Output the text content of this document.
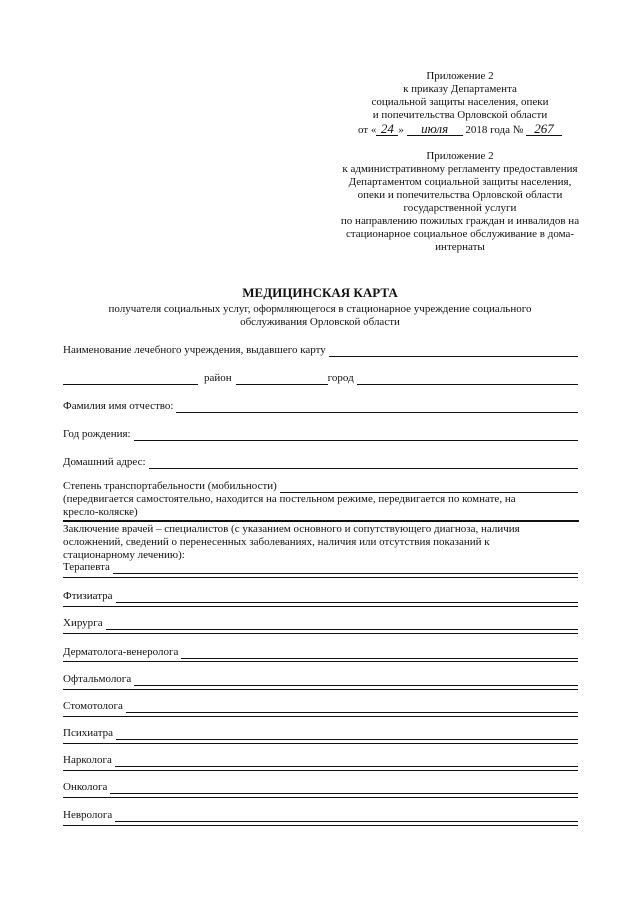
Приложение 2
к приказу Департамента
социальной защиты населения, опеки
и попечительства Орловской области
от « 24 » июля 2018 года № 267
Приложение 2
к административному регламенту предоставления
Департаментом социальной защиты населения,
опеки и попечительства Орловской области
государственной услуги
по направлению пожилых граждан и инвалидов на
стационарное социальное обслуживание в дома-
интернаты
МЕДИЦИНСКАЯ КАРТА
получателя социальных услуг, оформляющегося в стационарное учреждение социального
обслуживания Орловской области
Наименование лечебного учреждения, выдавшего карту
район	город
Фамилия имя отчество:
Год рождения:
Домашний адрес:
Степень транспортабельности (мобильности)
(передвигается самостоятельно, находится на постельном режиме, передвигается по комнате, на
кресло-коляске)
Заключение врачей – специалистов (с указанием основного и сопутствующего диагноза, наличия
осложнений, сведений о перенесенных заболеваниях, наличия или отсутствия показаний к
стационарному лечению):
Терапевта
Фтизиатра
Хирурга
Дерматолога-венеролога
Офтальмолога
Стомотолога
Психиатра
Нарколога
Онколога
Невролога
